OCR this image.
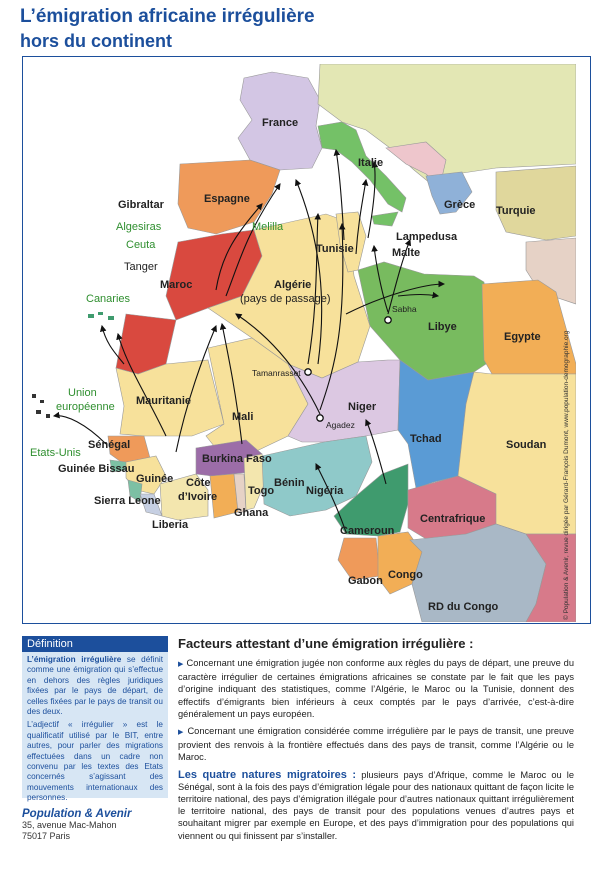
L’émigration africaine irrégulière
hors du continent
France
Italie
Espagne	Grèce Turquie
Gibraltar
Algesiras
Ceuta
Melilla
Tanger
Lampedusa
Malte
Tunisie
Maroc	Algérie
(pays de passage)
Canaries
Sabha
Libye
Egypte
Tamanrasset
Union
européenne
Etats-Unis
Mauritanie
Mali
Niger
Agadez
Tchad	Soudan
Sénégal
Guinée Bissau
Guinée
Sierra Leone
Liberia
Burkina Faso
Côte
d’Ivoire
Ghana
Togo
Bénin
Nigéria
Cameroun
Centrafrique
Gabon Congo
RD du Congo	© Population & Avenir, revue dirigée par Gérard-François Dumont, www.population-demographie.org
Définition

L’émigration irrégulière se définit comme une émigration qui s’effectue en dehors des règles juridiques fixées par le pays de départ, de celles fixées par le pays de transit ou des deux.

L’adjectif « irrégulier » est le qualificatif utilisé par le BIT, entre autres, pour parler des migrations effectuées dans un cadre non convenu par les textes des Etats concernés s’agissant des mouvements internationaux des personnes.

Population & Avenir

35, avenue Mac-Mahon

75017 Paris

Facteurs attestant d’une émigration irrégulière :

▶ Concernant une émigration jugée non conforme aux règles du pays de départ, une preuve du caractère irrégulier de certaines émigrations africaines se constate par le fait que les pays d’origine indiquant des statistiques, comme l’Algérie, le Maroc ou la Tunisie, donnent des effectifs d’émigrants bien inférieurs à ceux comptés par le pays d’arrivée, c’est-à-dire généralement un pays européen.

▶ Concernant une émigration considérée comme irrégulière par le pays de transit, une preuve provient des renvois à la frontière effectués dans des pays de transit, comme l’Algérie ou le Maroc.

Les quatre natures migratoires : plusieurs pays d’Afrique, comme le Maroc ou le Sénégal, sont à la fois des pays d’émigration légale pour des nationaux quittant de façon licite le territoire national, des pays d’émigration illégale pour d’autres nationaux quittant irrégulièrement le territoire national, des pays de transit pour des populations venues d’autres pays et souhaitant migrer par exemple en Europe, et des pays d’immigration pour des populations qui viennent ou qui finissent par s’installer.
